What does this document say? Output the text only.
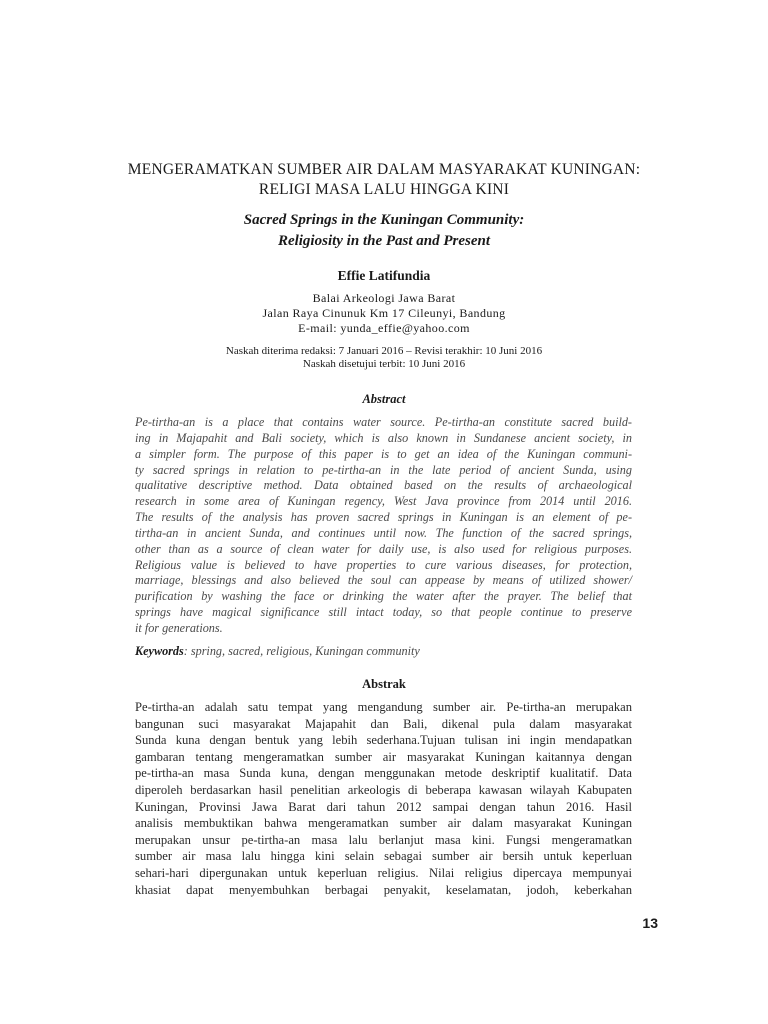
MENGERAMATKAN SUMBER AIR DALAM MASYARAKAT KUNINGAN:
RELIGI MASA LALU HINGGA KINI
Sacred Springs in the Kuningan Community:
Religiosity in the Past and Present
Effie Latifundia
Balai Arkeologi Jawa Barat
Jalan Raya Cinunuk Km 17 Cileunyi, Bandung
E-mail: yunda_effie@yahoo.com
Naskah diterima redaksi: 7 Januari 2016 – Revisi terakhir: 10 Juni 2016
Naskah disetujui terbit: 10 Juni 2016
Abstract
Pe-tirtha-an is a place that contains water source. Pe-tirtha-an constitute sacred build-
ing in Majapahit and Bali society, which is also known in Sundanese ancient society, in
a simpler form. The purpose of this paper is to get an idea of the Kuningan communi-
ty sacred springs in relation to pe-tirtha-an in the late period of ancient Sunda, using
qualitative descriptive method. Data obtained based on the results of archaeological
research in some area of Kuningan regency, West Java province from 2014 until 2016.
The results of the analysis has proven sacred springs in Kuningan is an element of pe-
tirtha-an in ancient Sunda, and continues until now. The function of the sacred springs,
other than as a source of clean water for daily use, is also used for religious purposes.
Religious value is believed to have properties to cure various diseases, for protection,
marriage, blessings and also believed the soul can appease by means of utilized shower/
purification by washing the face or drinking the water after the prayer. The belief that
springs have magical significance still intact today, so that people continue to preserve
it for generations.
Keywords: spring, sacred, religious, Kuningan community
Abstrak
Pe-tirtha-an adalah satu tempat yang mengandung sumber air. Pe-tirtha-an merupakan
bangunan suci masyarakat Majapahit dan Bali, dikenal pula dalam masyarakat
Sunda kuna dengan bentuk yang lebih sederhana.Tujuan tulisan ini ingin mendapatkan
gambaran tentang mengeramatkan sumber air masyarakat Kuningan kaitannya dengan
pe-tirtha-an masa Sunda kuna, dengan menggunakan metode deskriptif kualitatif. Data
diperoleh berdasarkan hasil penelitian arkeologis di beberapa kawasan wilayah Kabupaten
Kuningan, Provinsi Jawa Barat dari tahun 2012 sampai dengan tahun 2016. Hasil
analisis membuktikan bahwa mengeramatkan sumber air dalam masyarakat Kuningan
merupakan unsur pe-tirtha-an masa lalu berlanjut masa kini. Fungsi mengeramatkan
sumber air masa lalu hingga kini selain sebagai sumber air bersih untuk keperluan
sehari-hari dipergunakan untuk keperluan religius. Nilai religius dipercaya mempunyai
khasiat dapat menyembuhkan berbagai penyakit, keselamatan, jodoh, keberkahan
13
